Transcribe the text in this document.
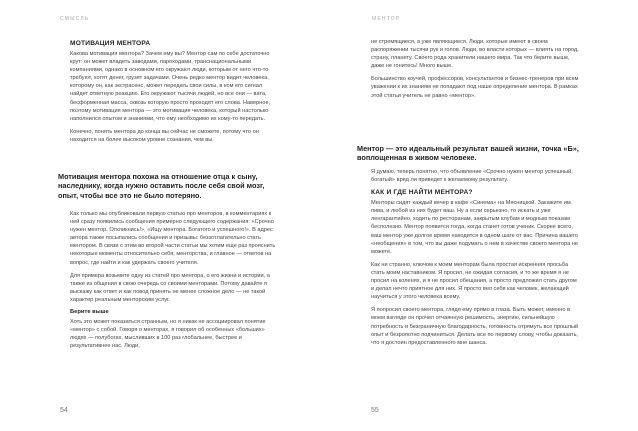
СМЫСЛЬ

МОТИВАЦИЯ МЕНТОРА

Какова мотивация ментора? Зачем ему вы? Ментор сам по себе достаточно крут: он может владеть заводами, пароходами, транснациональными компаниями, однако в основном его окружают люди, которым от него что-то требуют, хотят денег, грузят задачами. Очень редко ментор видит человека, которому он, как экстрасенс, может передать свои силы, в ком его сигнал найдет ответную реакцию. Его окружают тысячи людей, но все они — вата, бесформенная масса, сквозь которую просто проходят его слова. Наверное, поэтому мотивация ментора — это мотивация человека, который настолько наполнился опытом и знаниями, что ему необходимо их кому-то передать.

Конечно, понять ментора до конца вы сейчас не сможете, потому что он находится на более высоком уровне сознания, чем вы.

Мотивация ментора похожа на отношение отца к сыну, наследнику, когда нужно оставить после себя свой мозг, опыт, чтобы все это не было потеряно.

Как только мы опубликовали первую статью про менторов, в комментариях к ней сразу появились сообщения примерно следующего содержания: «Срочно нужен ментор. Откликнись!», «Ищу ментора. Богатого и успешного!». В адрес автора также посыпались сообщения и призывы: беззотлагательно стать ментором. В связи с этим во второй части статьи мы хотим еще раз прояснить некоторые моменты относительно себя, менторства, и главное — ответов на вопрос, где найти и как удержать своего учителя.

Для примера возьмите одну из статей про ментора, о его жизни и истории, а также из общения в свою очередь со своими менторами. Потому давайте я выскажу как ответ и как повод принять не менее сложное дело — не такой характер реальным менторским услуг.

Берите выше

Хоть это может показаться странным, но я никак не ассоциировал понятие «ментор» с собой. Говоря о менторах, я говорил об особенных «больших» людях — полубогах, мысливших в 100 раз глобальнее, быстрее и результативнее нас. Люди,

54
МЕНТОР

не стремящиеся, а уже являющиеся. Люди, которые имеют в своем распоряжении тысячи рук и голов. Люди, во власти которых — влиять на город, страну, планету. Своего рода хранители нашего мира. Так что берите выше, даже не гонитесь! Много выше.

Большинство коучей, профессоров, консультантов и бизнес-тренеров при всем уважении к их знаниям не попадают под наше определение ментора. В рамках этой статьи учитель не равно «ментор».

Ментор — это идеальный результат вашей жизни, точка «Б», воплощенная в живом человеке.

Я думаю, теперь понятно, что объявление «Срочно нужен ментор успешный, богатый» вряд ли приведет к желаемому результату.

КАК И ГДЕ НАЙТИ МЕНТОРА?

Менторы сидят каждый вечер в кафе «Синема» на Мясницкой. Закажите им пива, и любой из них будет ваш. Ну а если серьезно, то искать и уже ленгарантийно, ходить по ресторанам, закрытым клубам и модным показам бесполезно. Ментор появится тогда, когда станет готов ученик. Скорее всего, ваш ментор уже долгое время находится в одном шаге от вас. Причина вашего «необщения» в том, что вы даже подумать о нем в качестве своего ментора не можете.

Как ни странно, ключом к моим менторам была простая искренняя просьба стать моим наставником. Я просил, не ожидая согласия, и то же время я не просил на коленях, и я не просил обещания, а просто предложил стать другом и делал нечто приятное для них. Я просто вел себя как человек, желающий научиться у этого человека всему.

Я попросил своего ментора, глядя ему прямо в глаза. Быть может, именно в моем взгляде он прочел отчаянную решимость, энергию, сильнейшую потребность и безграничную благодарность, готовность отрямуть все прошлый опыт и безропотно подчиниться. Делать все по первому слову, чтобы доказать, что я достоин предоставленного мне шанса.

55
